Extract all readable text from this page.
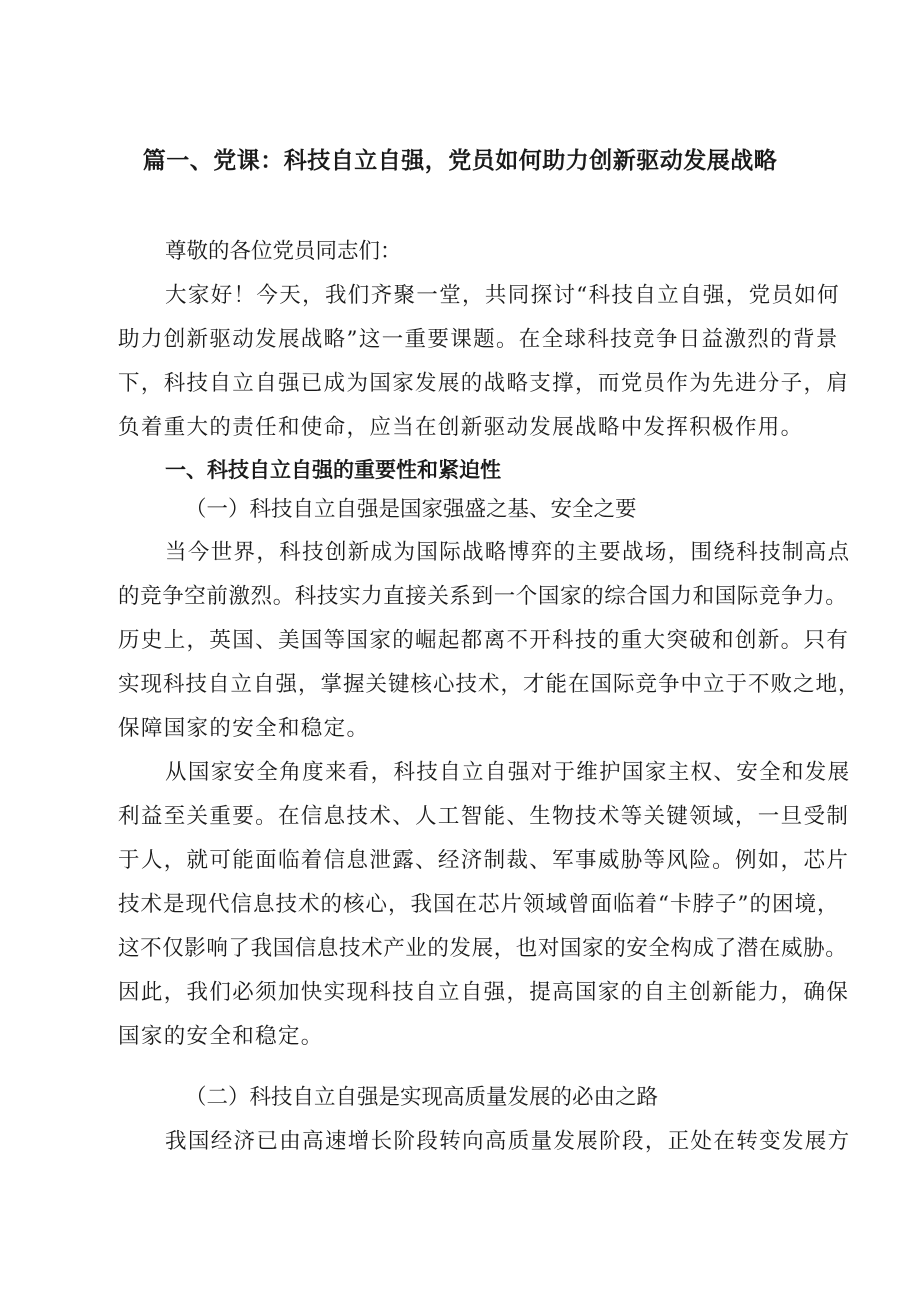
篇一、党课：科技自立自强，党员如何助力创新驱动发展战略
尊敬的各位党员同志们：
大家好！今天，我们齐聚一堂，共同探讨“科技自立自强，党员如何
助力创新驱动发展战略”这一重要课题。在全球科技竞争日益激烈的背景
下，科技自立自强已成为国家发展的战略支撑，而党员作为先进分子，肩
负着重大的责任和使命，应当在创新驱动发展战略中发挥积极作用。
一、科技自立自强的重要性和紧迫性
（一）科技自立自强是国家强盛之基、安全之要
当今世界，科技创新成为国际战略博弈的主要战场，围绕科技制高点
的竞争空前激烈。科技实力直接关系到一个国家的综合国力和国际竞争力。
历史上，英国、美国等国家的崛起都离不开科技的重大突破和创新。只有
实现科技自立自强，掌握关键核心技术，才能在国际竞争中立于不败之地，
保障国家的安全和稳定。
从国家安全角度来看，科技自立自强对于维护国家主权、安全和发展
利益至关重要。在信息技术、人工智能、生物技术等关键领域，一旦受制
于人，就可能面临着信息泄露、经济制裁、军事威胁等风险。例如，芯片
技术是现代信息技术的核心，我国在芯片领域曾面临着“卡脖子”的困境，
这不仅影响了我国信息技术产业的发展，也对国家的安全构成了潜在威胁。
因此，我们必须加快实现科技自立自强，提高国家的自主创新能力，确保
国家的安全和稳定。
（二）科技自立自强是实现高质量发展的必由之路
我国经济已由高速增长阶段转向高质量发展阶段，正处在转变发展方
